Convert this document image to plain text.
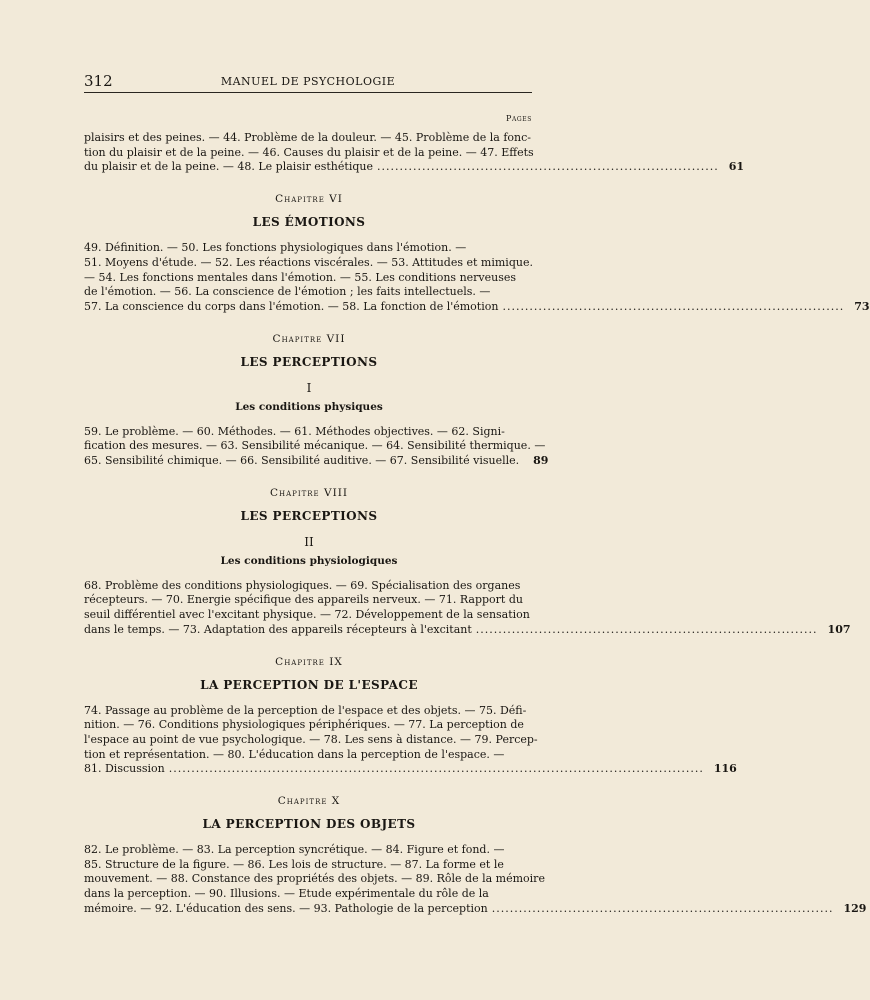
312	MANUEL DE PSYCHOLOGIE
Pages
plaisirs et des peines. — 44. Problème de la douleur. — 45. Problème de la fonc-
tion du plaisir et de la peine. — 46. Causes du plaisir et de la peine. — 47. Effets
du plaisir et de la peine. — 48. Le plaisir esthétique ............................................................................ 61
Chapitre VI
LES ÉMOTIONS
49. Définition. — 50. Les fonctions physiologiques dans l'émotion. —
51. Moyens d'étude. — 52. Les réactions viscérales. — 53. Attitudes et mimique.
— 54. Les fonctions mentales dans l'émotion. — 55. Les conditions nerveuses
de l'émotion. — 56. La conscience de l'émotion ; les faits intellectuels. —
57. La conscience du corps dans l'émotion. — 58. La fonction de l'émotion ............................................................................ 73
Chapitre VII
LES PERCEPTIONS
I
Les conditions physiques
59. Le problème. — 60. Méthodes. — 61. Méthodes objectives. — 62. Signi-
fication des mesures. — 63. Sensibilité mécanique. — 64. Sensibilité thermique. —
65. Sensibilité chimique. — 66. Sensibilité auditive. — 67. Sensibilité visuelle. 89
Chapitre VIII
LES PERCEPTIONS
II
Les conditions physiologiques
68. Problème des conditions physiologiques. — 69. Spécialisation des organes
récepteurs. — 70. Energie spécifique des appareils nerveux. — 71. Rapport du
seuil différentiel avec l'excitant physique. — 72. Développement de la sensation
dans le temps. — 73. Adaptation des appareils récepteurs à l'excitant ............................................................................ 107
Chapitre IX
LA PERCEPTION DE L'ESPACE
74. Passage au problème de la perception de l'espace et des objets. — 75. Défi-
nition. — 76. Conditions physiologiques périphériques. — 77. La perception de
l'espace au point de vue psychologique. — 78. Les sens à distance. — 79. Percep-
tion et représentation. — 80. L'éducation dans la perception de l'espace. —
81. Discussion ....................................................................................................................... 116
Chapitre X
LA PERCEPTION DES OBJETS
82. Le problème. — 83. La perception syncrétique. — 84. Figure et fond. —
85. Structure de la figure. — 86. Les lois de structure. — 87. La forme et le
mouvement. — 88. Constance des propriétés des objets. — 89. Rôle de la mémoire
dans la perception. — 90. Illusions. — Etude expérimentale du rôle de la
mémoire. — 92. L'éducation des sens. — 93. Pathologie de la perception ............................................................................ 129
